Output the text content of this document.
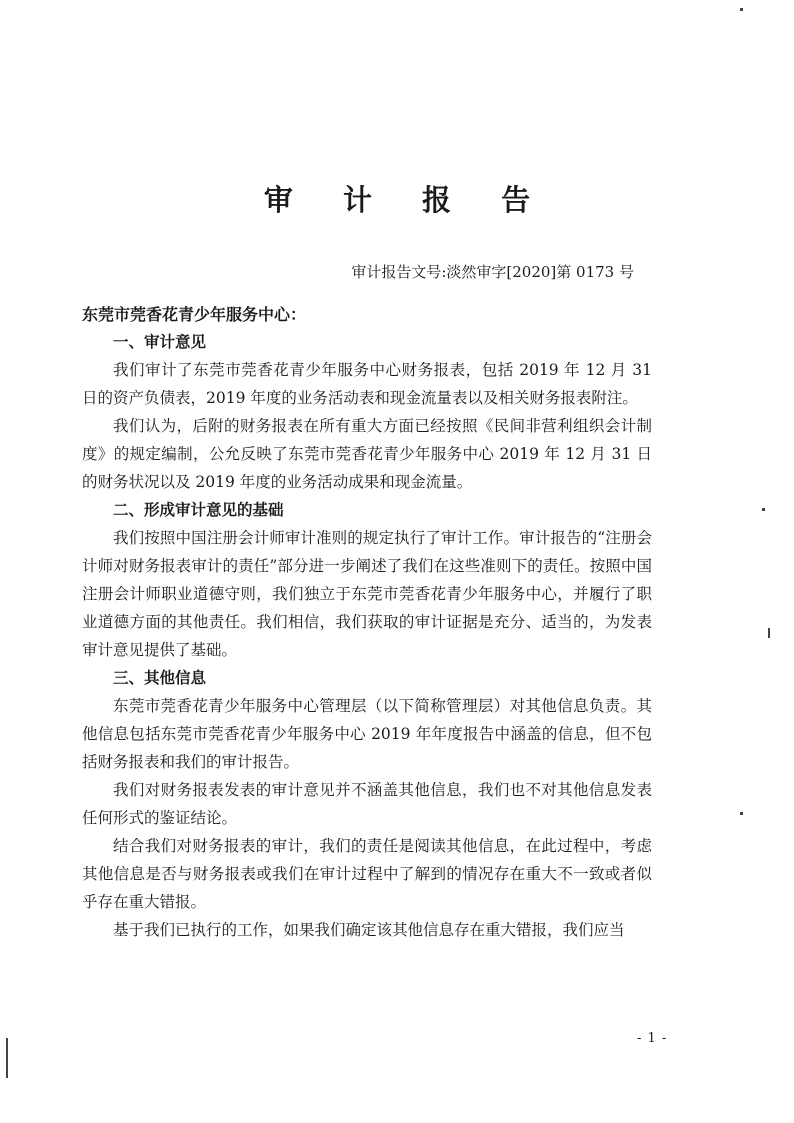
审 计 报 告
审计报告文号:淡然审字[2020]第 0173 号
东莞市莞香花青少年服务中心：

一、审计意见

我们审计了东莞市莞香花青少年服务中心财务报表，包括 2019 年 12 月 31 日的资产负债表，2019 年度的业务活动表和现金流量表以及相关财务报表附注。

我们认为，后附的财务报表在所有重大方面已经按照《民间非营利组织会计制度》的规定编制，公允反映了东莞市莞香花青少年服务中心 2019 年 12 月 31 日的财务状况以及 2019 年度的业务活动成果和现金流量。

二、形成审计意见的基础

我们按照中国注册会计师审计准则的规定执行了审计工作。审计报告的“注册会计师对财务报表审计的责任”部分进一步阐述了我们在这些准则下的责任。按照中国注册会计师职业道德守则，我们独立于东莞市莞香花青少年服务中心，并履行了职业道德方面的其他责任。我们相信，我们获取的审计证据是充分、适当的，为发表审计意见提供了基础。

三、其他信息

东莞市莞香花青少年服务中心管理层（以下简称管理层）对其他信息负责。其他信息包括东莞市莞香花青少年服务中心 2019 年年度报告中涵盖的信息，但不包括财务报表和我们的审计报告。

我们对财务报表发表的审计意见并不涵盖其他信息，我们也不对其他信息发表任何形式的鉴证结论。

结合我们对财务报表的审计，我们的责任是阅读其他信息，在此过程中，考虑其他信息是否与财务报表或我们在审计过程中了解到的情况存在重大不一致或者似乎存在重大错报。

基于我们已执行的工作，如果我们确定该其他信息存在重大错报，我们应当

- 1 -
